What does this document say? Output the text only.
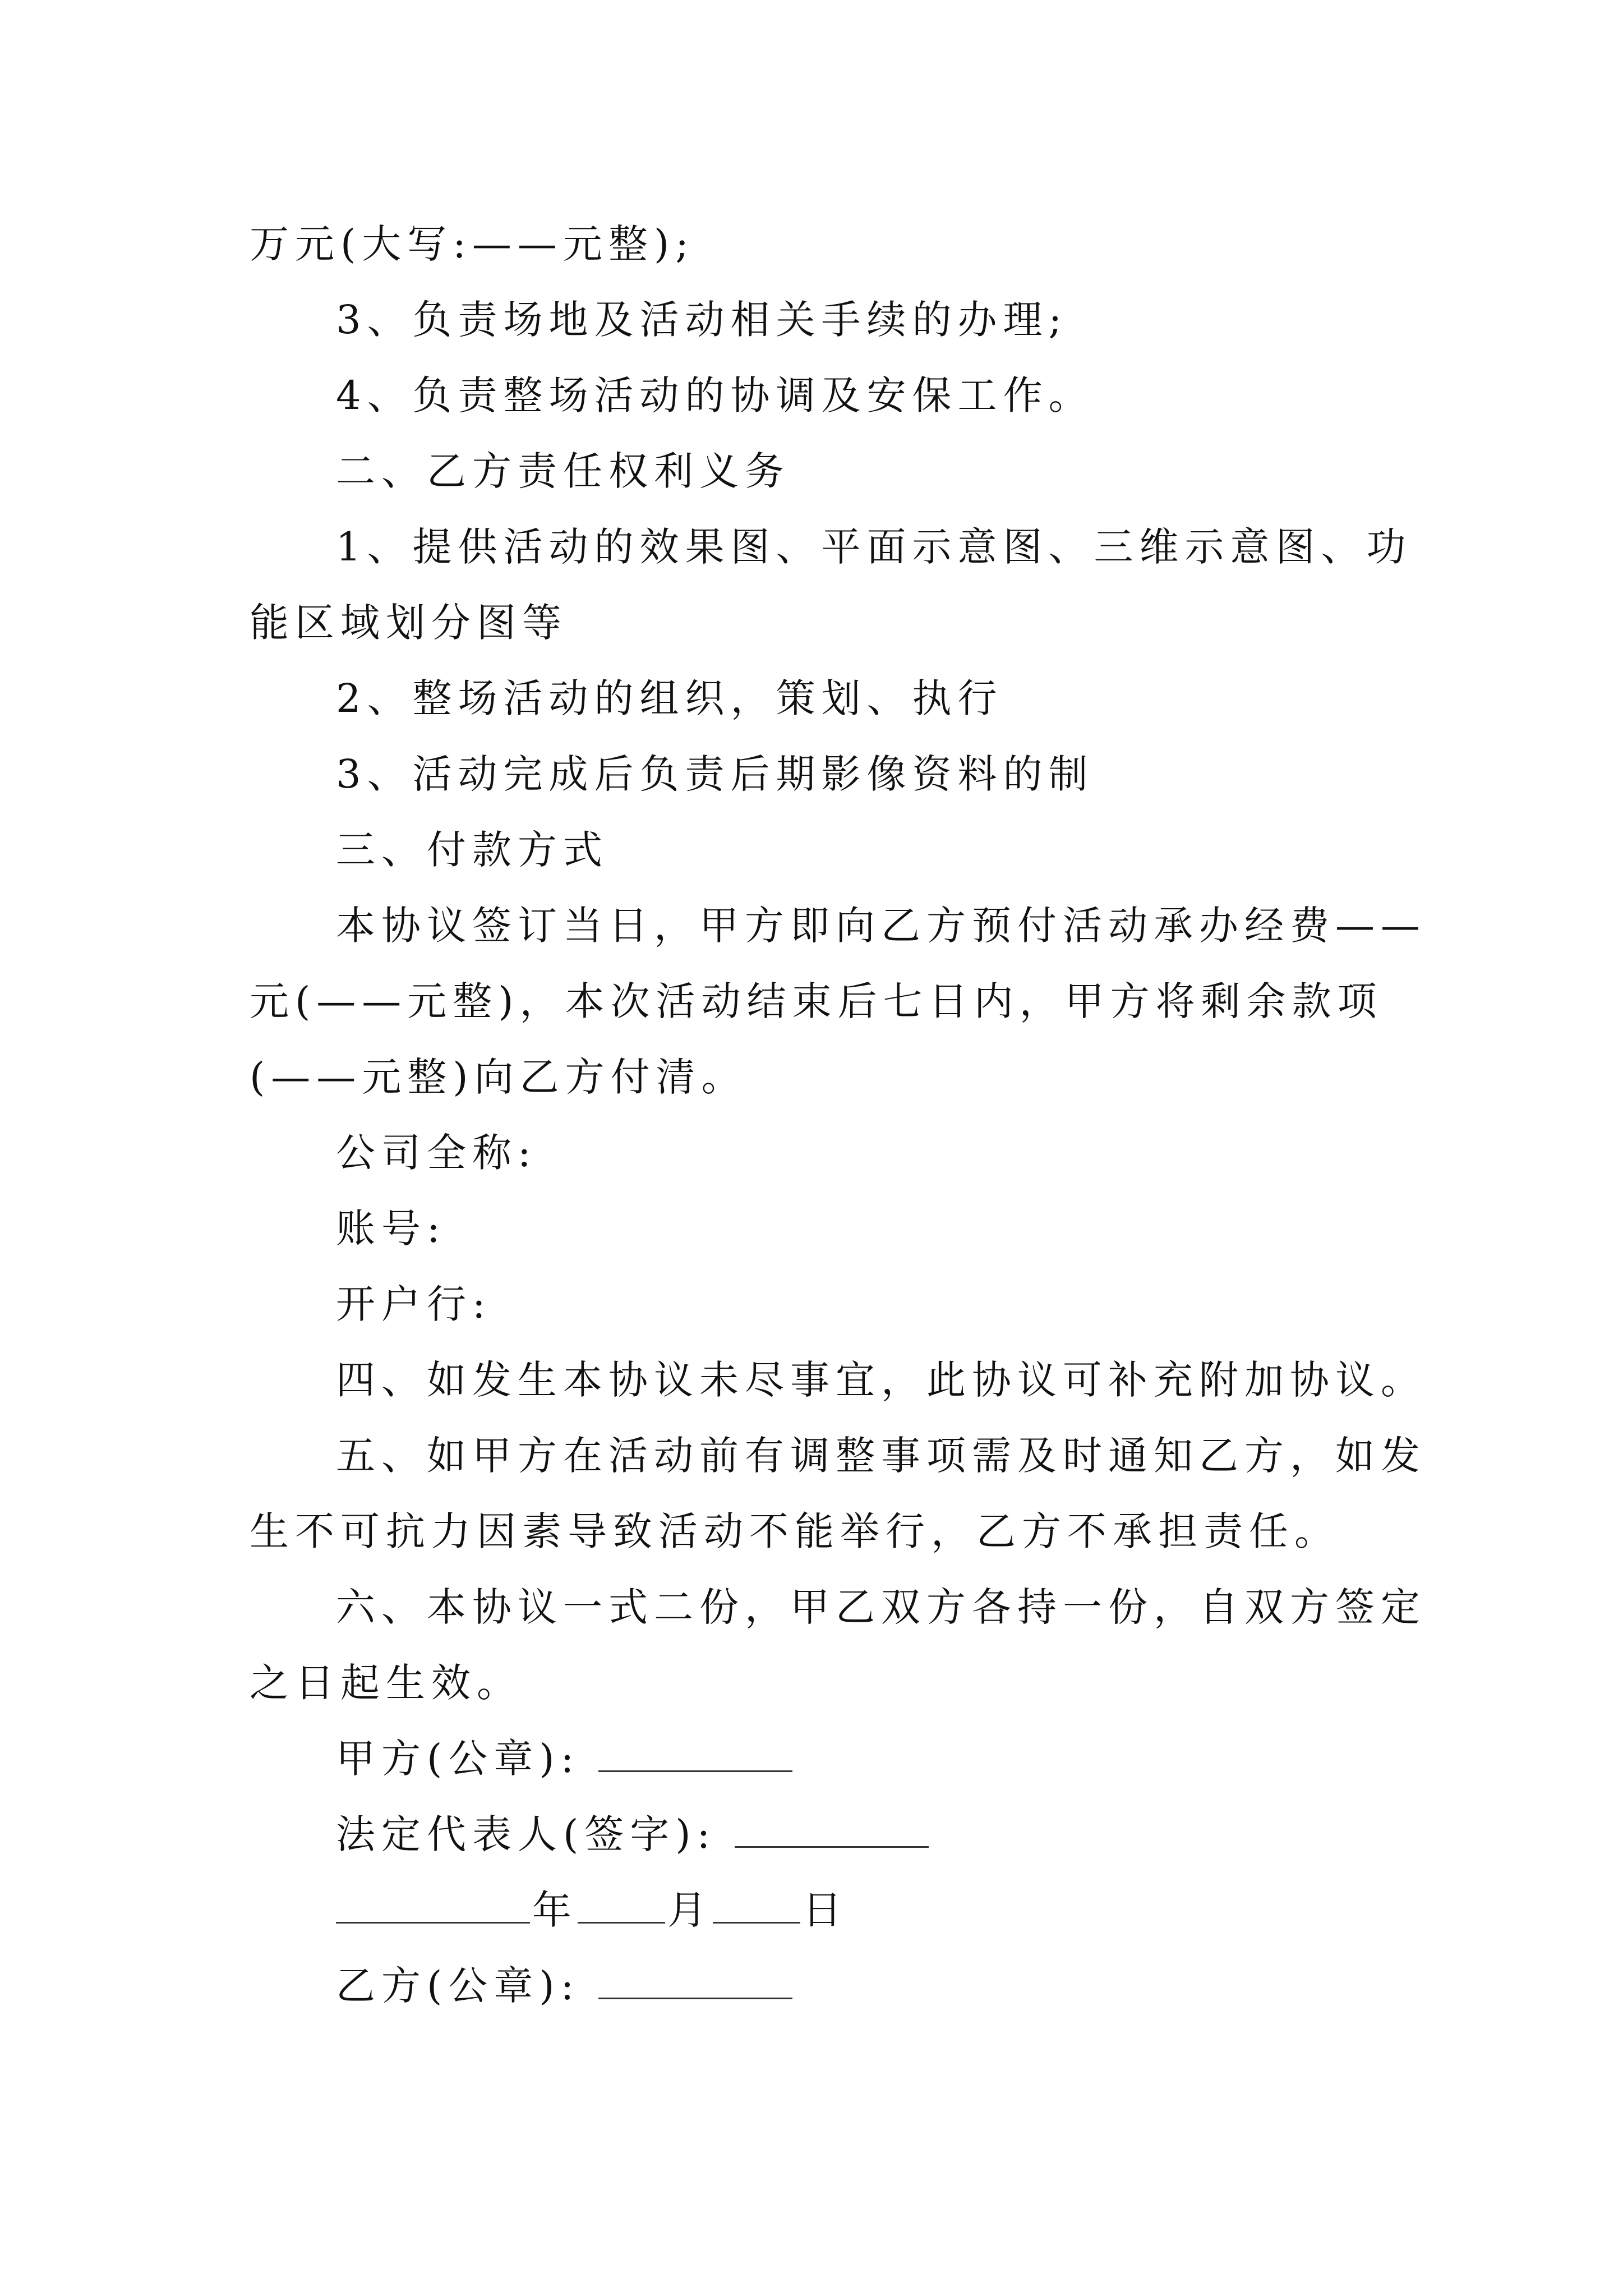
万元(大写:——元整);
3、负责场地及活动相关手续的办理;
4、负责整场活动的协调及安保工作。
二、乙方责任权利义务
1、提供活动的效果图、平面示意图、三维示意图、功
能区域划分图等
2、整场活动的组织，策划、执行
3、活动完成后负责后期影像资料的制
三、付款方式
本协议签订当日，甲方即向乙方预付活动承办经费——
元(——元整)，本次活动结束后七日内，甲方将剩余款项
(——元整)向乙方付清。
公司全称:
账号:
开户行:
四、如发生本协议未尽事宜，此协议可补充附加协议。
五、如甲方在活动前有调整事项需及时通知乙方，如发
生不可抗力因素导致活动不能举行，乙方不承担责任。
六、本协议一式二份，甲乙双方各持一份，自双方签定
之日起生效。
甲方(公章):
法定代表人(签字):
年 月 日
乙方(公章):
